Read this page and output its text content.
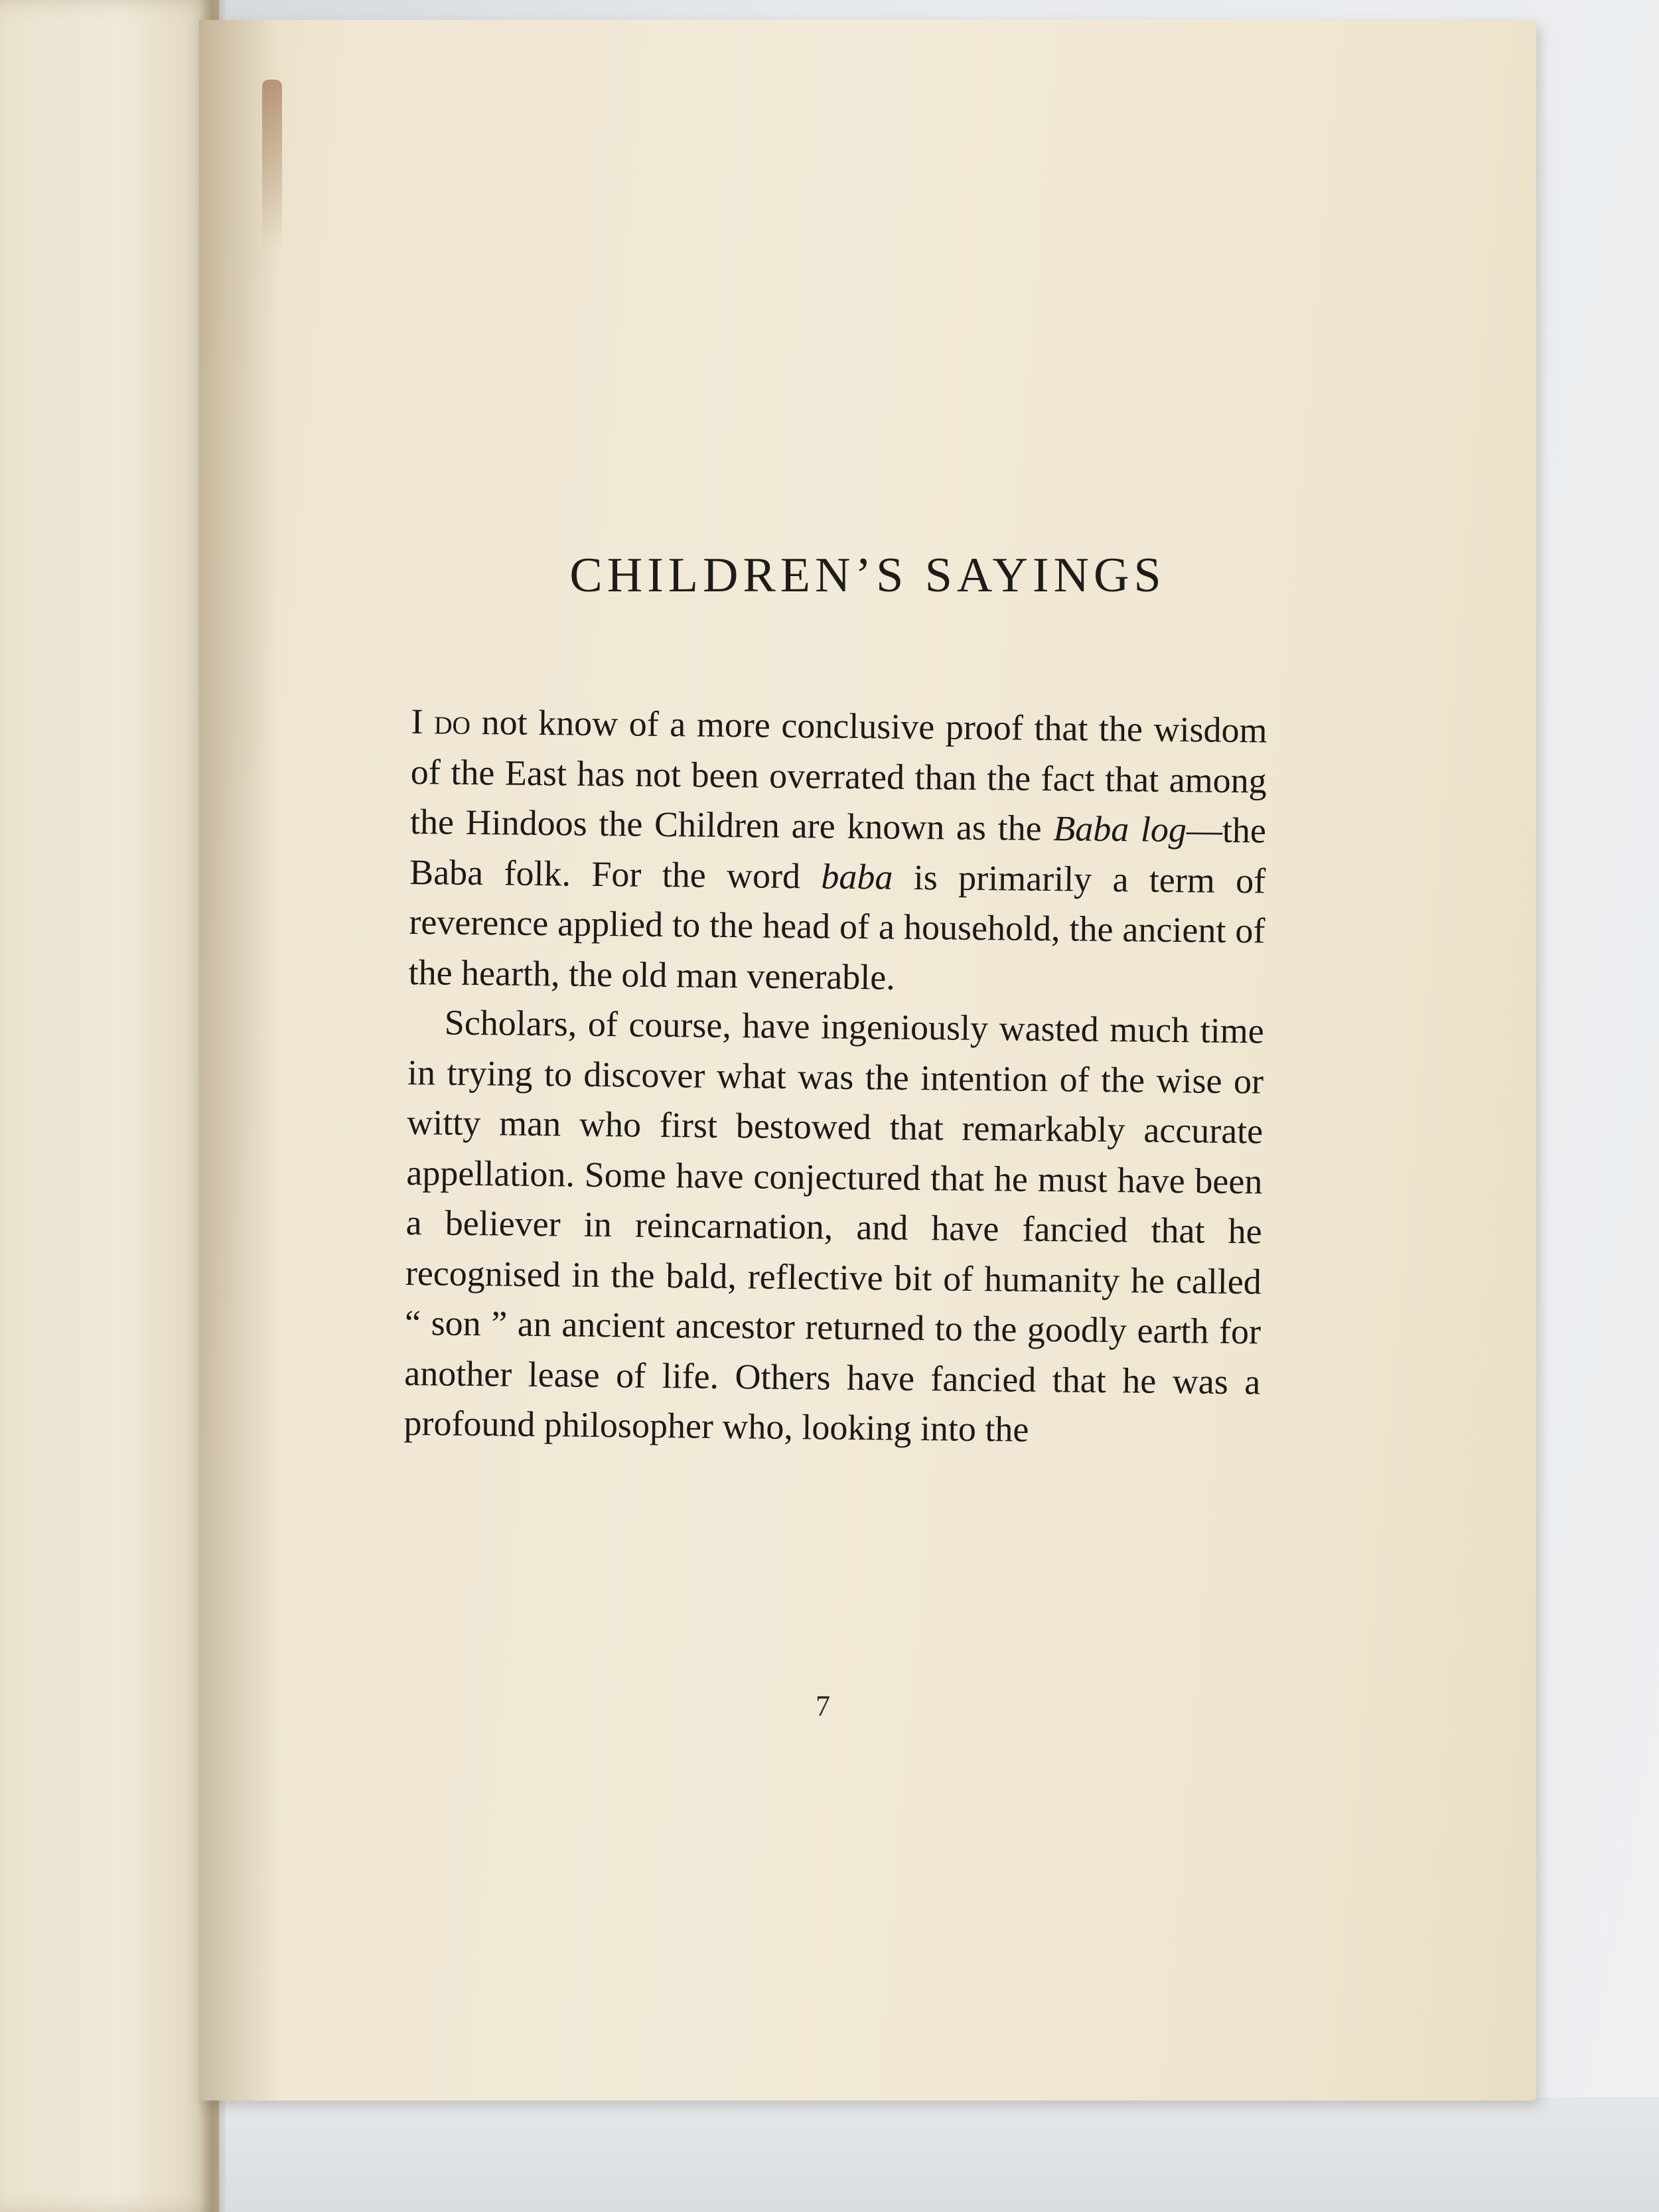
CHILDREN’S SAYINGS

I do not know of a more conclusive proof that the wisdom of the East has not been overrated than the fact that among the Hindoos the Children are known as the Baba log—the Baba folk. For the word baba is primarily a term of reverence applied to the head of a household, the ancient of the hearth, the old man venerable.

Scholars, of course, have ingeniously wasted much time in trying to discover what was the intention of the wise or witty man who first bestowed that remarkably accurate appellation. Some have conjectured that he must have been a believer in reincarnation, and have fancied that he recognised in the bald, reflective bit of humanity he called “ son ” an ancient ancestor returned to the goodly earth for another lease of life. Others have fancied that he was a profound philosopher who, looking into the

7
